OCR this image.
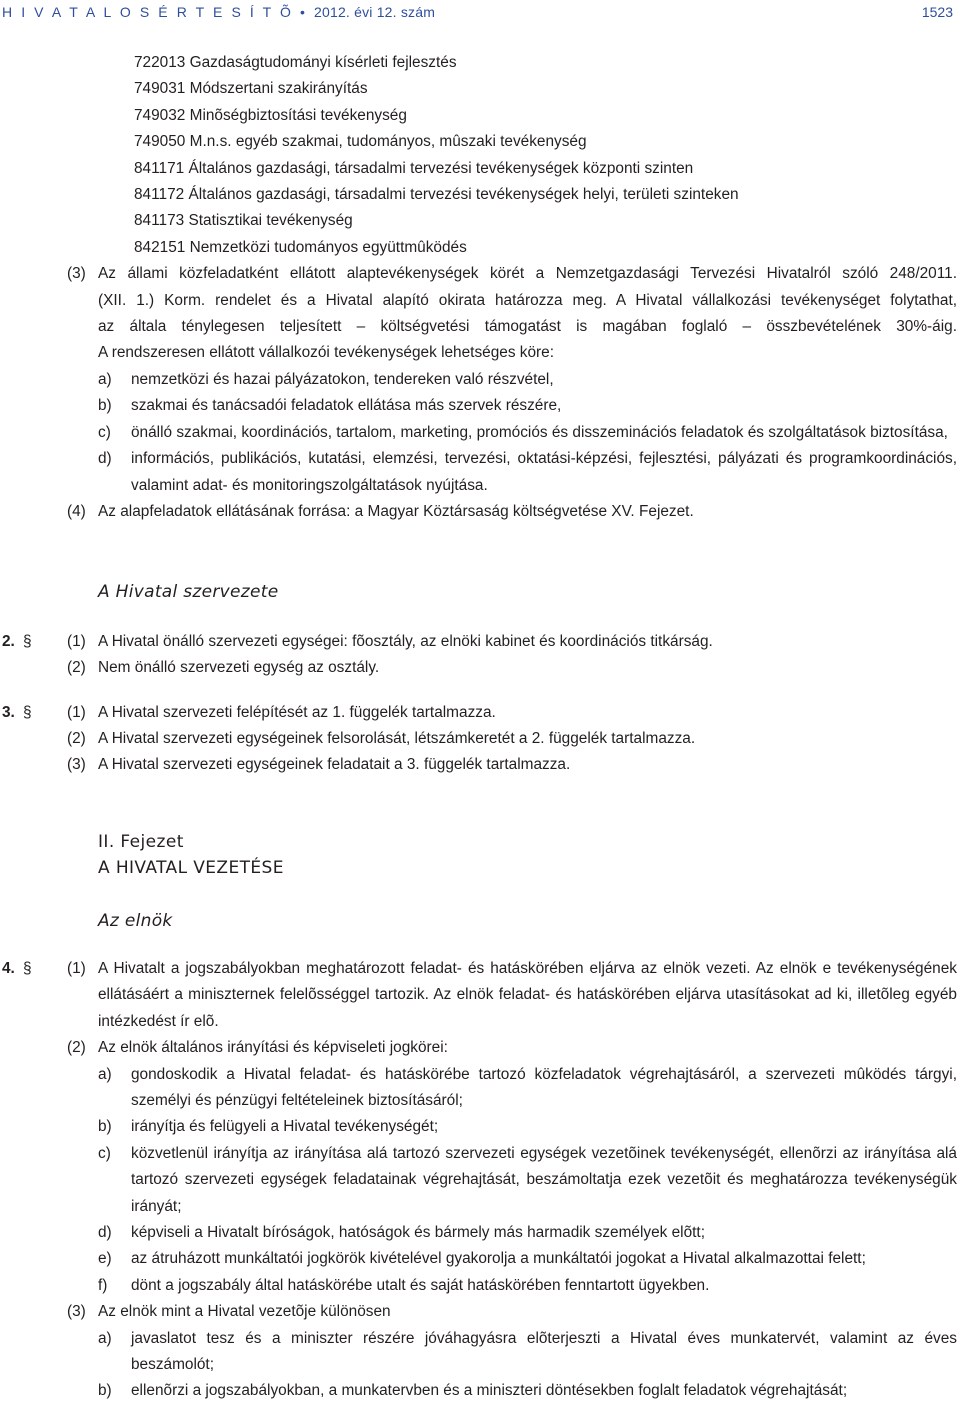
H I V A T A L O S É R T E S Í T Õ • 2012. évi 12. szám	1523
722013 Gazdaságtudományi kísérleti fejlesztés
749031 Módszertani szakirányítás
749032 Minõségbiztosítási tevékenység
749050 M.n.s. egyéb szakmai, tudományos, mûszaki tevékenység
841171 Általános gazdasági, társadalmi tervezési tevékenységek központi szinten
841172 Általános gazdasági, társadalmi tervezési tevékenységek helyi, területi szinteken
841173 Statisztikai tevékenység
842151 Nemzetközi tudományos együttmûködés
(3) Az állami közfeladatként ellátott alaptevékenységek körét a Nemzetgazdasági Tervezési Hivatalról szóló 248/2011.
(XII. 1.) Korm. rendelet és a Hivatal alapító okirata határozza meg. A Hivatal vállalkozási tevékenységet folytathat,
az általa ténylegesen teljesített – költségvetési támogatást is magában foglaló – összbevételének 30%-áig.
A rendszeresen ellátott vállalkozói tevékenységek lehetséges köre:
a) nemzetközi és hazai pályázatokon, tendereken való részvétel,
b) szakmai és tanácsadói feladatok ellátása más szervek részére,
c) önálló szakmai, koordinációs, tartalom, marketing, promóciós és disszeminációs feladatok és szolgáltatások biztosítása,
d) információs, publikációs, kutatási, elemzési, tervezési, oktatási-képzési, fejlesztési, pályázati és programkoordinációs, valamint adat- és monitoringszolgáltatások nyújtása.
(4) Az alapfeladatok ellátásának forrása: a Magyar Köztársaság költségvetése XV. Fejezet.
A Hivatal szervezete
2. § (1) A Hivatal önálló szervezeti egységei: fõosztály, az elnöki kabinet és koordinációs titkárság.
(2) Nem önálló szervezeti egység az osztály.
3. § (1) A Hivatal szervezeti felépítését az 1. függelék tartalmazza.
(2) A Hivatal szervezeti egységeinek felsorolását, létszámkeretét a 2. függelék tartalmazza.
(3) A Hivatal szervezeti egységeinek feladatait a 3. függelék tartalmazza.
II. Fejezet
A HIVATAL VEZETÉSE
Az elnök
4. § (1) A Hivatalt a jogszabályokban meghatározott feladat- és hatáskörében eljárva az elnök vezeti. Az elnök e tevékenységének ellátásáért a miniszternek felelõsséggel tartozik. Az elnök feladat- és hatáskörében eljárva utasításokat ad ki, illetõleg egyéb intézkedést ír elõ.
(2) Az elnök általános irányítási és képviseleti jogkörei:
a) gondoskodik a Hivatal feladat- és hatáskörébe tartozó közfeladatok végrehajtásáról, a szervezeti mûködés tárgyi, személyi és pénzügyi feltételeinek biztosításáról;
b) irányítja és felügyeli a Hivatal tevékenységét;
c) közvetlenül irányítja az irányítása alá tartozó szervezeti egységek vezetõinek tevékenységét, ellenõrzi az irányítása alá tartozó szervezeti egységek feladatainak végrehajtását, beszámoltatja ezek vezetõit és meghatározza tevékenységük irányát;
d) képviseli a Hivatalt bíróságok, hatóságok és bármely más harmadik személyek elõtt;
e) az átruházott munkáltatói jogkörök kivételével gyakorolja a munkáltatói jogokat a Hivatal alkalmazottai felett;
f) dönt a jogszabály által hatáskörébe utalt és saját hatáskörében fenntartott ügyekben.
(3) Az elnök mint a Hivatal vezetõje különösen
a) javaslatot tesz és a miniszter részére jóváhagyásra elõterjeszti a Hivatal éves munkatervét, valamint az éves beszámolót;
b) ellenõrzi a jogszabályokban, a munkatervben és a miniszteri döntésekben foglalt feladatok végrehajtását;
